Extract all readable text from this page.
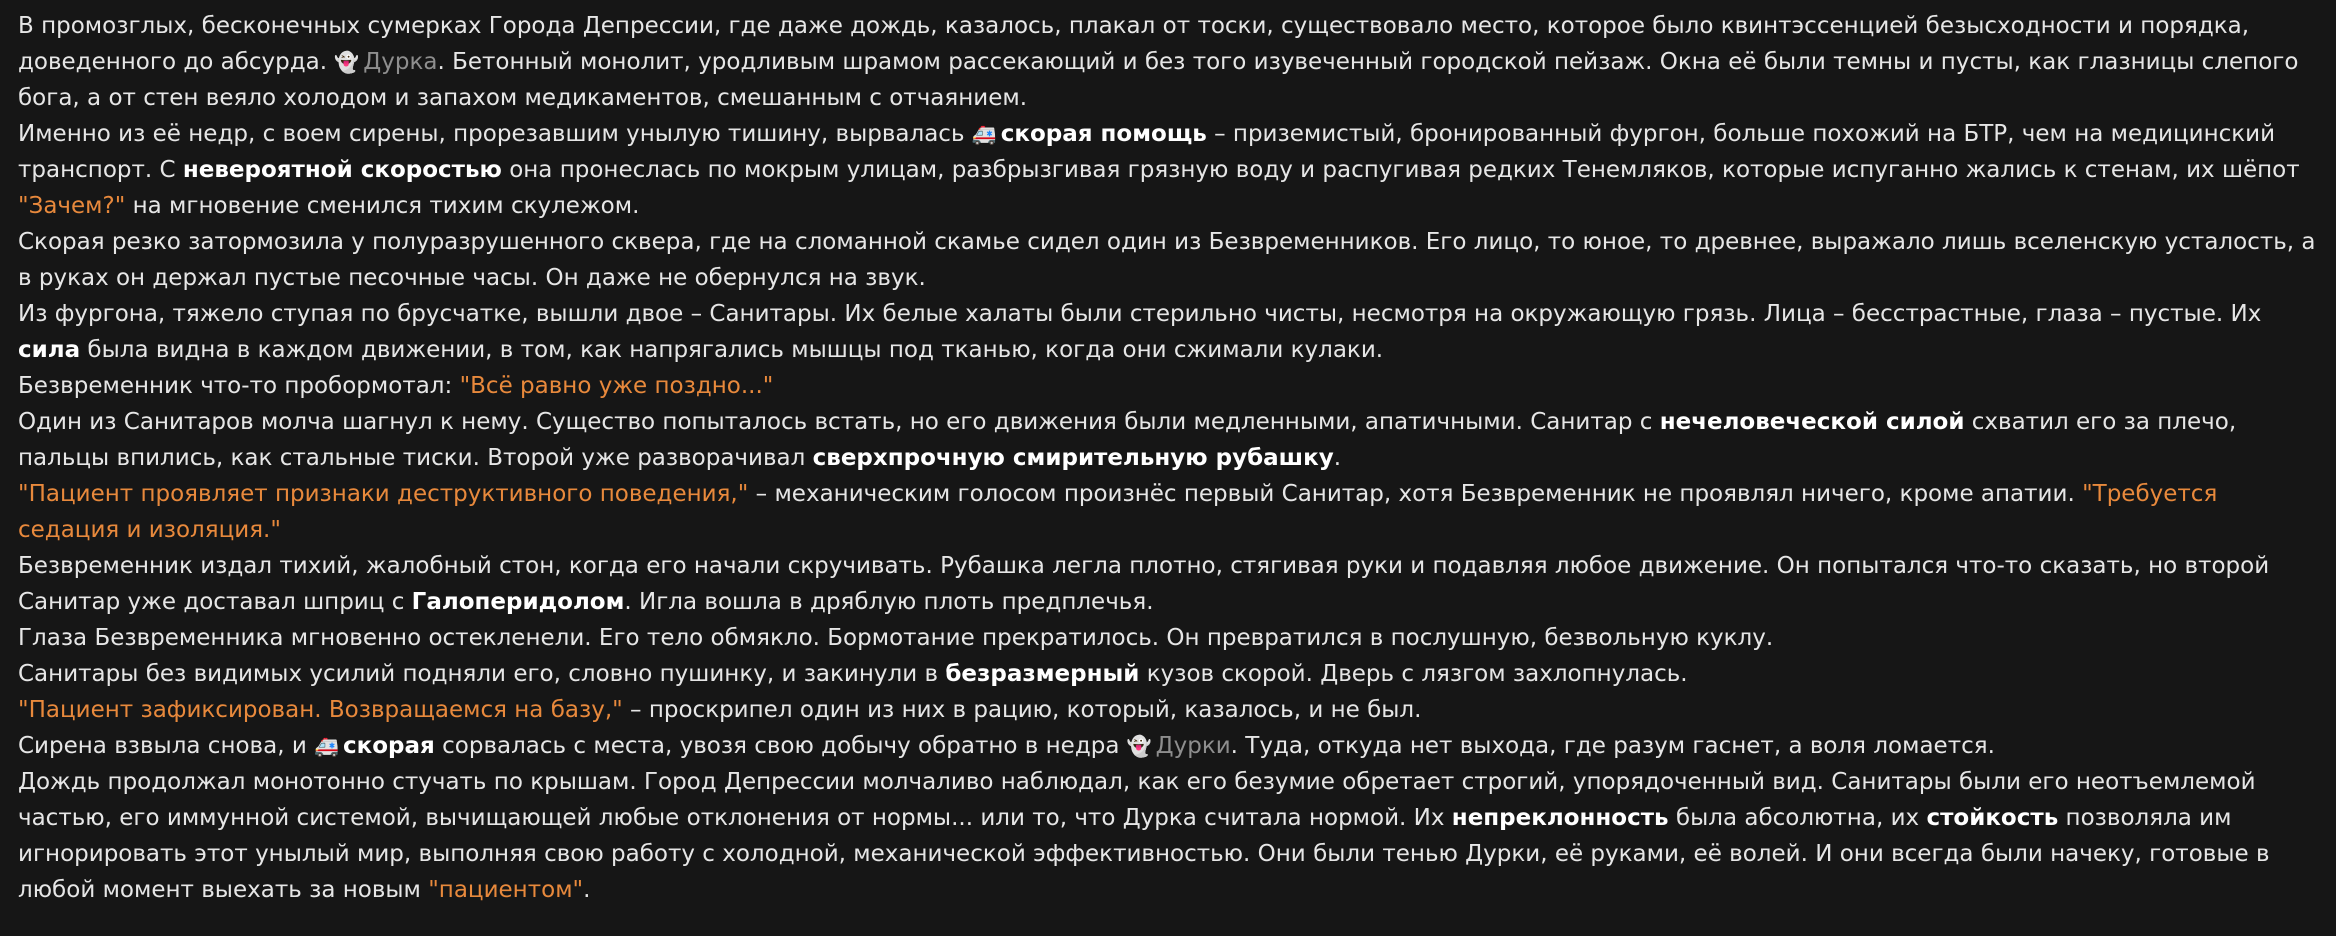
В промозглых, бесконечных сумерках Города Депрессии, где даже дождь, казалось, плакал от тоски, существовало место, которое было квинтэссенцией безысходности и порядка, доведенного до абсурда. 👻 Дурка. Бетонный монолит, уродливым шрамом рассекающий и без того изувеченный городской пейзаж. Окна её были темны и пусты, как глазницы слепого бога, а от стен веяло холодом и запахом медикаментов, смешанным с отчаянием.

Именно из её недр, с воем сирены, прорезавшим унылую тишину, вырвалась 🚑 скорая помощь – приземистый, бронированный фургон, больше похожий на БТР, чем на медицинский транспорт. С невероятной скоростью она пронеслась по мокрым улицам, разбрызгивая грязную воду и распугивая редких Тенемляков, которые испуганно жались к стенам, их шёпот "Зачем?" на мгновение сменился тихим скулежом.

Скорая резко затормозила у полуразрушенного сквера, где на сломанной скамье сидел один из Безвременников. Его лицо, то юное, то древнее, выражало лишь вселенскую усталость, а в руках он держал пустые песочные часы. Он даже не обернулся на звук.

Из фургона, тяжело ступая по брусчатке, вышли двое – Санитары. Их белые халаты были стерильно чисты, несмотря на окружающую грязь. Лица – бесстрастные, глаза – пустые. Их сила была видна в каждом движении, в том, как напрягались мышцы под тканью, когда они сжимали кулаки.

Безвременник что-то пробормотал: "Всё равно уже поздно..."

Один из Санитаров молча шагнул к нему. Существо попыталось встать, но его движения были медленными, апатичными. Санитар с нечеловеческой силой схватил его за плечо, пальцы впились, как стальные тиски. Второй уже разворачивал сверхпрочную смирительную рубашку.

"Пациент проявляет признаки деструктивного поведения," – механическим голосом произнёс первый Санитар, хотя Безвременник не проявлял ничего, кроме апатии. "Требуется седация и изоляция."

Безвременник издал тихий, жалобный стон, когда его начали скручивать. Рубашка легла плотно, стягивая руки и подавляя любое движение. Он попытался что-то сказать, но второй Санитар уже доставал шприц с Галоперидолом. Игла вошла в дряблую плоть предплечья.

Глаза Безвременника мгновенно остекленели. Его тело обмякло. Бормотание прекратилось. Он превратился в послушную, безвольную куклу.

Санитары без видимых усилий подняли его, словно пушинку, и закинули в безразмерный кузов скорой. Дверь с лязгом захлопнулась.

"Пациент зафиксирован. Возвращаемся на базу," – проскрипел один из них в рацию, который, казалось, и не был.

Сирена взвыла снова, и 🚑 скорая сорвалась с места, увозя свою добычу обратно в недра 👻 Дурки. Туда, откуда нет выхода, где разум гаснет, а воля ломается.

Дождь продолжал монотонно стучать по крышам. Город Депрессии молчаливо наблюдал, как его безумие обретает строгий, упорядоченный вид. Санитары были его неотъемлемой частью, его иммунной системой, вычищающей любые отклонения от нормы... или то, что Дурка считала нормой. Их непреклонность была абсолютна, их стойкость позволяла им игнорировать этот унылый мир, выполняя свою работу с холодной, механической эффективностью. Они были тенью Дурки, её руками, её волей. И они всегда были начеку, готовые в любой момент выехать за новым "пациентом".
